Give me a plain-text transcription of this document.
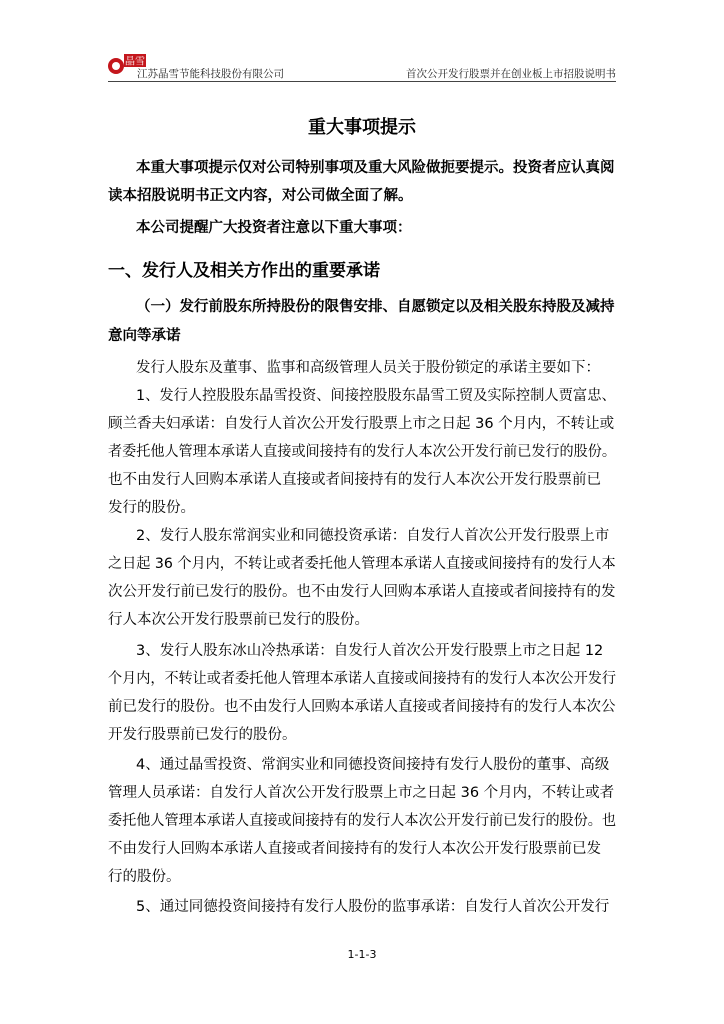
晶雪
江苏晶雪节能科技股份有限公司	首次公开发行股票并在创业板上市招股说明书
重大事项提示
本重大事项提示仅对公司特别事项及重大风险做扼要提示。投资者应认真阅
读本招股说明书正文内容，对公司做全面了解。
本公司提醒广大投资者注意以下重大事项：
一、发行人及相关方作出的重要承诺
（一）发行前股东所持股份的限售安排、自愿锁定以及相关股东持股及减持
意向等承诺
发行人股东及董事、监事和高级管理人员关于股份锁定的承诺主要如下：
1、发行人控股股东晶雪投资、间接控股股东晶雪工贸及实际控制人贾富忠、
顾兰香夫妇承诺：自发行人首次公开发行股票上市之日起 36 个月内，不转让或
者委托他人管理本承诺人直接或间接持有的发行人本次公开发行前已发行的股份。
也不由发行人回购本承诺人直接或者间接持有的发行人本次公开发行股票前已
发行的股份。
2、发行人股东常润实业和同德投资承诺：自发行人首次公开发行股票上市
之日起 36 个月内，不转让或者委托他人管理本承诺人直接或间接持有的发行人本
次公开发行前已发行的股份。也不由发行人回购本承诺人直接或者间接持有的发
行人本次公开发行股票前已发行的股份。
3、发行人股东冰山冷热承诺：自发行人首次公开发行股票上市之日起 12
个月内，不转让或者委托他人管理本承诺人直接或间接持有的发行人本次公开发行
前已发行的股份。也不由发行人回购本承诺人直接或者间接持有的发行人本次公
开发行股票前已发行的股份。
4、通过晶雪投资、常润实业和同德投资间接持有发行人股份的董事、高级
管理人员承诺：自发行人首次公开发行股票上市之日起 36 个月内，不转让或者
委托他人管理本承诺人直接或间接持有的发行人本次公开发行前已发行的股份。也
不由发行人回购本承诺人直接或者间接持有的发行人本次公开发行股票前已发
行的股份。
5、通过同德投资间接持有发行人股份的监事承诺：自发行人首次公开发行
1-1-3
